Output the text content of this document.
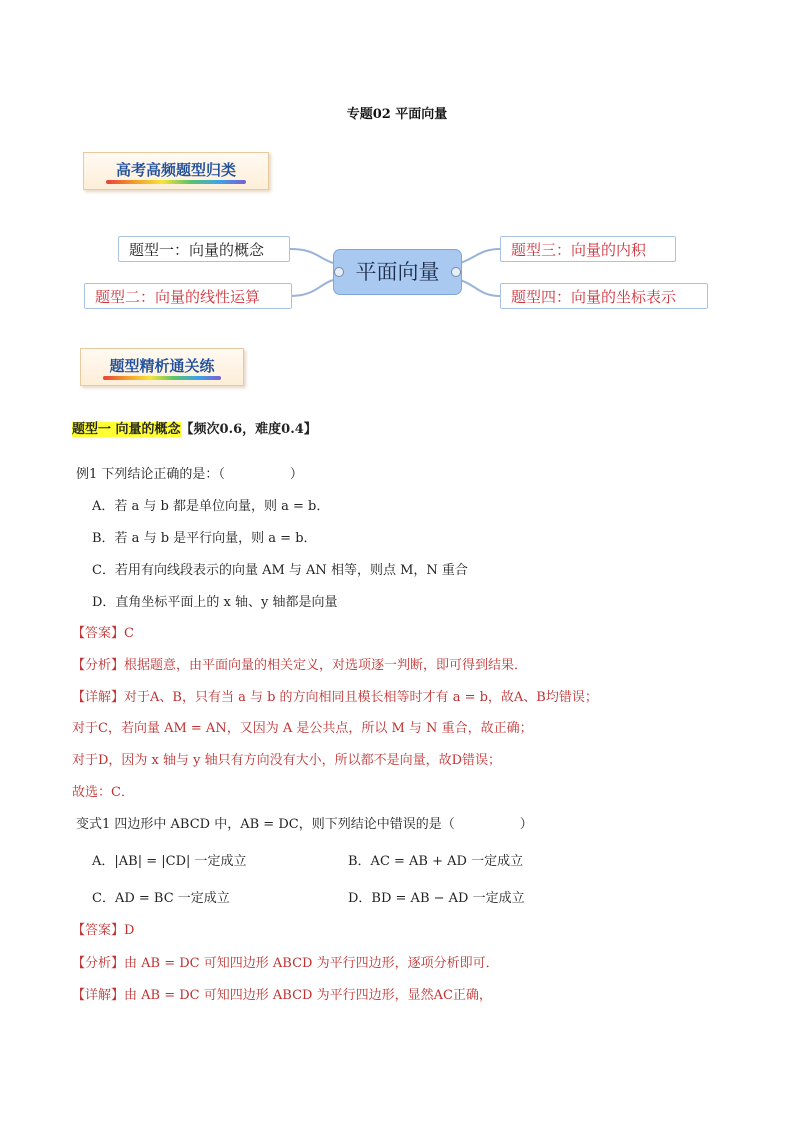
专题02 平面向量
高考高频题型归类
题型一：向量的概念
题型二：向量的线性运算
平面向量
题型三：向量的内积
题型四：向量的坐标表示
题型精析通关练
题型一 向量的概念【频次0.6，难度0.4】
例1 下列结论正确的是：（　　　　　）
A．若 a 与 b 都是单位向量，则 a = b．
B．若 a 与 b 是平行向量，则 a = b．
C．若用有向线段表示的向量 AM 与 AN 相等，则点 M，N 重合
D．直角坐标平面上的 x 轴、y 轴都是向量
【答案】C
【分析】根据题意，由平面向量的相关定义，对选项逐一判断，即可得到结果．
【详解】对于A、B，只有当 a 与 b 的方向相同且模长相等时才有 a = b，故A、B均错误；
对于C，若向量 AM = AN，又因为 A 是公共点，所以 M 与 N 重合，故正确；
对于D，因为 x 轴与 y 轴只有方向没有大小，所以都不是向量，故D错误；
故选：C．
变式1 四边形中 ABCD 中，AB = DC，则下列结论中错误的是（　　　　　）
A．|AB| = |CD| 一定成立	B．AC = AB + AD 一定成立
C．AD = BC 一定成立	D．BD = AB − AD 一定成立
【答案】D
【分析】由 AB = DC 可知四边形 ABCD 为平行四边形，逐项分析即可．
【详解】由 AB = DC 可知四边形 ABCD 为平行四边形，显然AC正确，
